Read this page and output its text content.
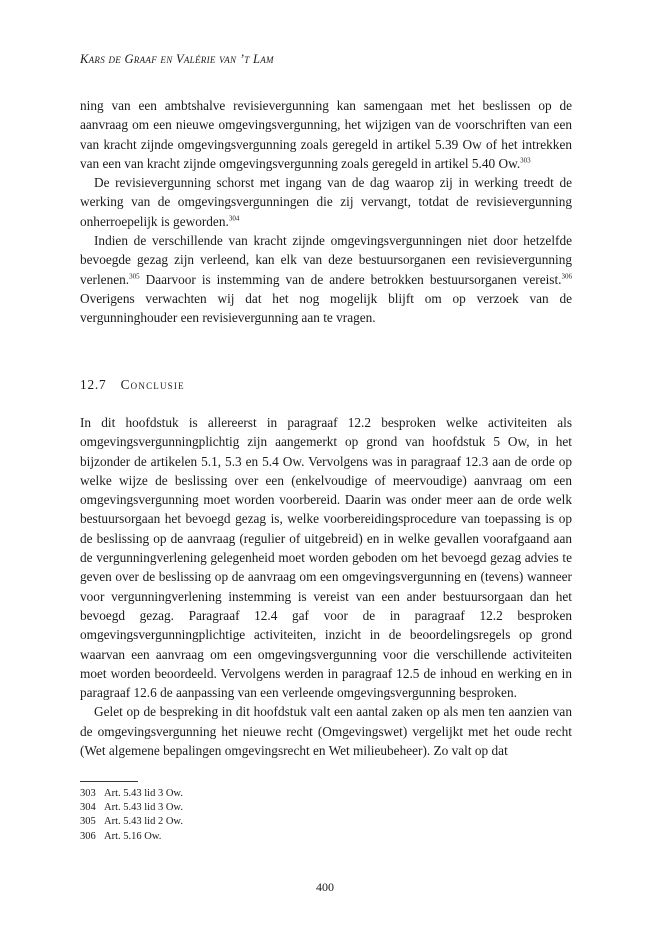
Kars de Graaf en Valérie van ’t Lam

ning van een ambtshalve revisievergunning kan samengaan met het beslissen op de aanvraag om een nieuwe omgevingsvergunning, het wijzigen van de voorschriften van een van kracht zijnde omgevingsvergunning zoals geregeld in artikel 5.39 Ow of het intrekken van een van kracht zijnde omgevingsvergunning zoals geregeld in artikel 5.40 Ow.$^{303}$

De revisievergunning schorst met ingang van de dag waarop zij in werking treedt de werking van de omgevingsvergunningen die zij vervangt, totdat de revisievergunning onherroepelijk is geworden.$^{304}$

Indien de verschillende van kracht zijnde omgevingsvergunningen niet door hetzelfde bevoegde gezag zijn verleend, kan elk van deze bestuursorganen een revisievergunning verlenen.$^{305}$ Daarvoor is instemming van de andere betrokken bestuursorganen vereist.$^{306}$ Overigens verwachten wij dat het nog mogelijk blijft om op verzoek van de vergunninghouder een revisievergunning aan te vragen.

12.7 Conclusie

In dit hoofdstuk is allereerst in paragraaf 12.2 besproken welke activiteiten als omgevingsvergunningplichtig zijn aangemerkt op grond van hoofdstuk 5 Ow, in het bijzonder de artikelen 5.1, 5.3 en 5.4 Ow. Vervolgens was in paragraaf 12.3 aan de orde op welke wijze de beslissing over een (enkelvoudige of meervoudige) aanvraag om een omgevingsvergunning moet worden voorbereid. Daarin was onder meer aan de orde welk bestuursorgaan het bevoegd gezag is, welke voorbereidingsprocedure van toepassing is op de beslissing op de aanvraag (regulier of uitgebreid) en in welke gevallen voorafgaand aan de vergunningverlening gelegenheid moet worden geboden om het bevoegd gezag advies te geven over de beslissing op de aanvraag om een omgevingsvergunning en (tevens) wanneer voor vergunningverlening instemming is vereist van een ander bestuursorgaan dan het bevoegd gezag. Paragraaf 12.4 gaf voor de in paragraaf 12.2 besproken omgevingsvergunningplichtige activiteiten, inzicht in de beoordelingsregels op grond waarvan een aanvraag om een omgevingsvergunning voor die verschillende activiteiten moet worden beoordeeld. Vervolgens werden in paragraaf 12.5 de inhoud en werking en in paragraaf 12.6 de aanpassing van een verleende omgevingsvergunning besproken.

Gelet op de bespreking in dit hoofdstuk valt een aantal zaken op als men ten aanzien van de omgevingsvergunning het nieuwe recht (Omgevingswet) vergelijkt met het oude recht (Wet algemene bepalingen omgevingsrecht en Wet milieubeheer). Zo valt op dat

303 Art. 5.43 lid 3 Ow.
304 Art. 5.43 lid 3 Ow.
305 Art. 5.43 lid 2 Ow.
306 Art. 5.16 Ow.
400
